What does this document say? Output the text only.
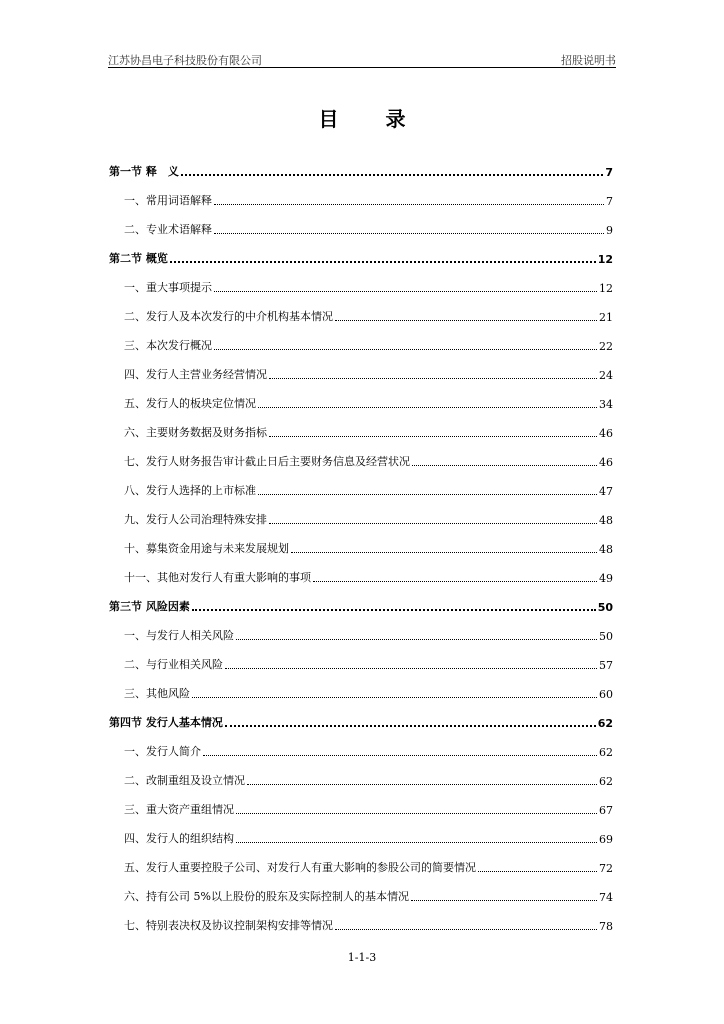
江苏协昌电子科技股份有限公司	招股说明书
目 录
第一节 释　义	7
一、常用词语解释	7
二、专业术语解释	9
第二节 概览	12
一、重大事项提示	12
二、发行人及本次发行的中介机构基本情况	21
三、本次发行概况	22
四、发行人主营业务经营情况	24
五、发行人的板块定位情况	34
六、主要财务数据及财务指标	46
七、发行人财务报告审计截止日后主要财务信息及经营状况	46
八、发行人选择的上市标准	47
九、发行人公司治理特殊安排	48
十、募集资金用途与未来发展规划	48
十一、其他对发行人有重大影响的事项	49
第三节 风险因素	50
一、与发行人相关风险	50
二、与行业相关风险	57
三、其他风险	60
第四节 发行人基本情况	62
一、发行人简介	62
二、改制重组及设立情况	62
三、重大资产重组情况	67
四、发行人的组织结构	69
五、发行人重要控股子公司、对发行人有重大影响的参股公司的简要情况	72
六、持有公司 5%以上股份的股东及实际控制人的基本情况	74
七、特别表决权及协议控制架构安排等情况	78
1-1-3
